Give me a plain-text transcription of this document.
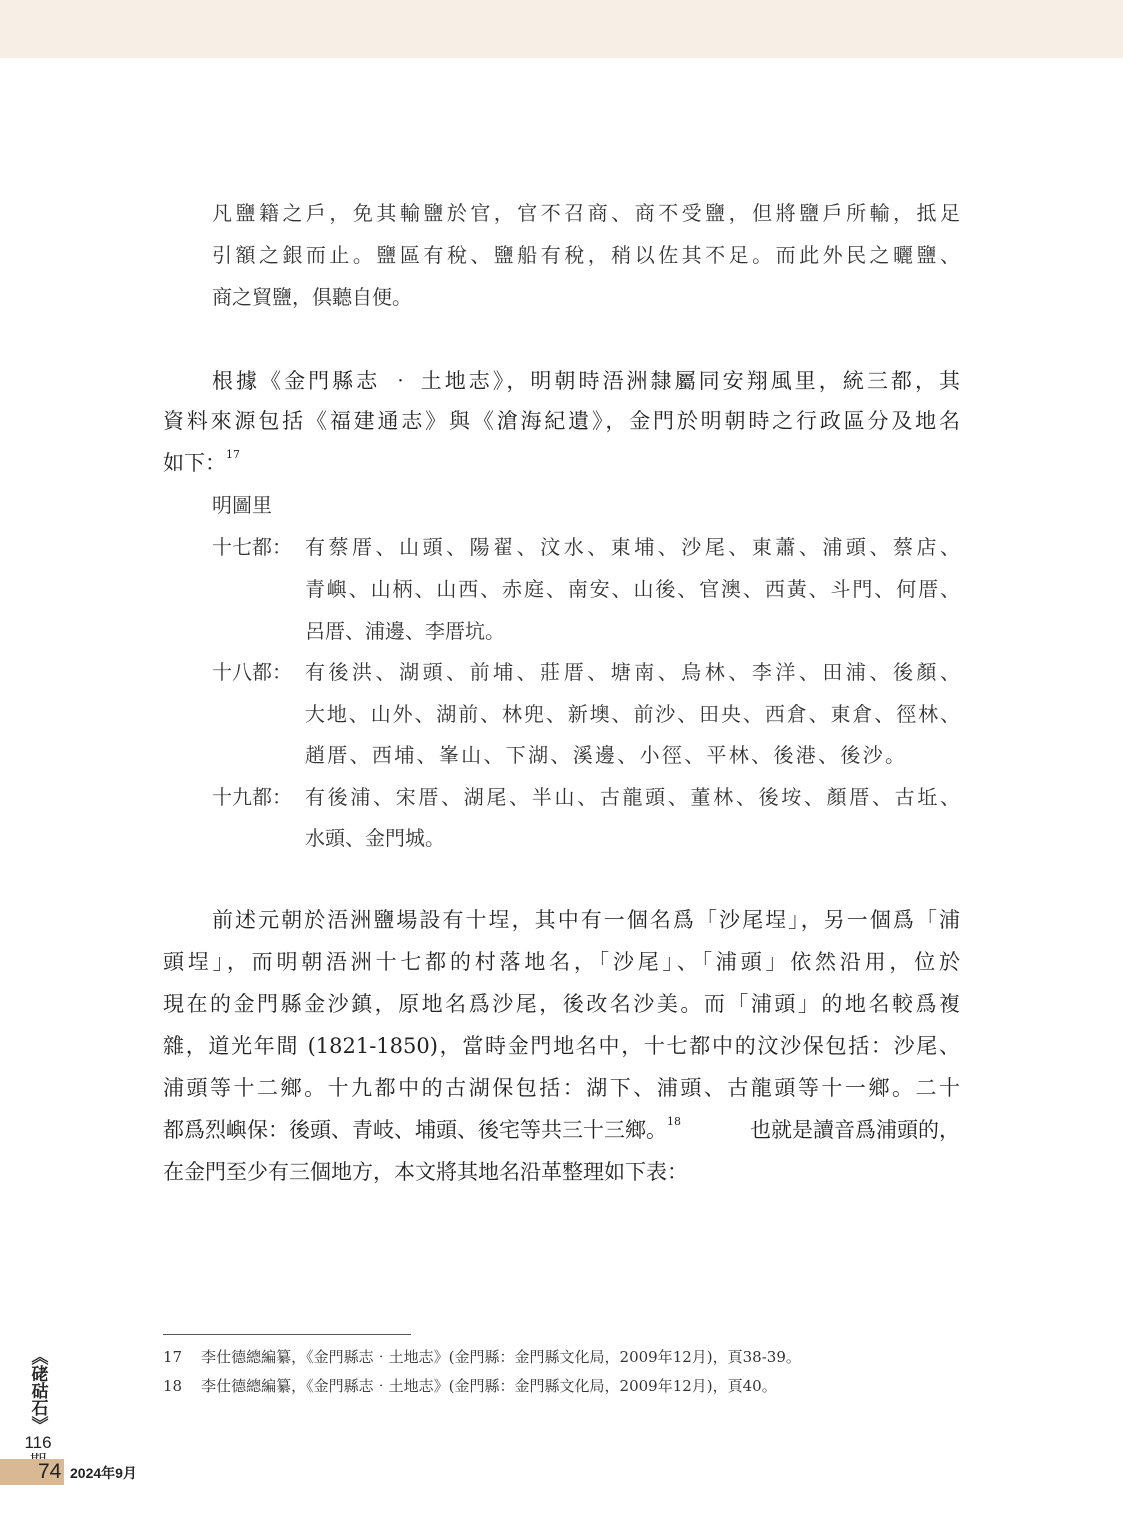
凡鹽籍之戶，免其輸鹽於官，官不召商、商不受鹽，但將鹽戶所輸，抵足
引額之銀而止。鹽區有稅、鹽船有稅，稍以佐其不足。而此外民之曬鹽、
商之貿鹽，俱聽自便。
根據《金門縣志 ‧ 土地志》，明朝時浯洲隸屬同安翔風里，統三都，其
資料來源包括《福建通志》與《滄海紀遺》，金門於明朝時之行政區分及地名
如下：$^{17}$
明圖里
十七都： 有蔡厝、山頭、陽翟、汶水、東埔、沙尾、東蕭、浦頭、蔡店、
青嶼、山柄、山西、赤庭、南安、山後、官澳、西黃、斗門、何厝、
呂厝、浦邊、李厝坑。
十八都： 有後洪、湖頭、前埔、莊厝、塘南、烏林、李洋、田浦、後顏、
大地、山外、湖前、林兜、新墺、前沙、田央、西倉、東倉、徑林、
趙厝、西埔、峯山、下湖、溪邊、小徑、平林、後港、後沙。
十九都： 有後浦、宋厝、湖尾、半山、古龍頭、董林、後垵、顏厝、古坵、
水頭、金門城。
前述元朝於浯洲鹽場設有十埕，其中有一個名爲「沙尾埕」，另一個爲「浦
頭埕」，而明朝浯洲十七都的村落地名，「沙尾」、「浦頭」依然沿用，位於
現在的金門縣金沙鎮，原地名爲沙尾，後改名沙美。而「浦頭」的地名較爲複
雜，道光年間 (1821-1850)，當時金門地名中，十七都中的汶沙保包括：沙尾、
浦頭等十二鄉。十九都中的古湖保包括：湖下、浦頭、古龍頭等十一鄉。二十
都爲烈嶼保：後頭、青岐、埔頭、後宅等共三十三鄉。$^{18}$	也就是讀音爲浦頭的，
在金門至少有三個地方，本文將其地名沿革整理如下表：
17 李仕德總編纂，《金門縣志‧土地志》(金門縣：金門縣文化局，2009年12月)，頁38-39。
18 李仕德總編纂，《金門縣志‧土地志》(金門縣：金門縣文化局，2009年12月)，頁40。
《硓𥑮石》
116
74 2024年9月
